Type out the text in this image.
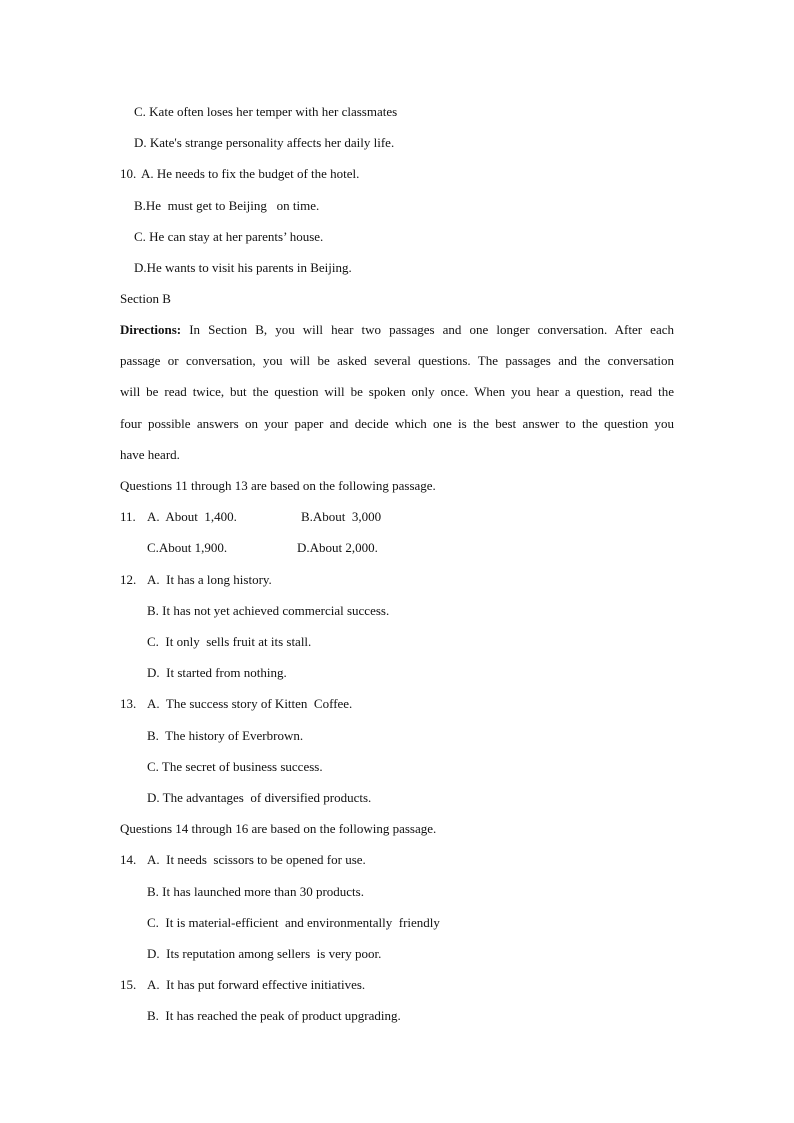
C. Kate often loses her temper with her classmates
D. Kate's strange personality affects her daily life.
10. A. He needs to fix the budget of the hotel.
B.He  must get to Beijing   on time.
C. He can stay at her parents’ house.
D.He wants to visit his parents in Beijing.
Section B
Directions: In Section B, you will hear two passages and one longer conversation. After each
passage or conversation, you will be asked several questions. The passages and the conversation
will be read twice, but the question will be spoken only once. When you hear a question, read the
four possible answers on your paper and decide which one is the best answer to the question you
have heard.
Questions 11 through 13 are based on the following passage.
11. A.  About  1,400.	B.About  3,000
C.About 1,900.	D.About 2,000.
12. A.  It has a long history.
B. It has not yet achieved commercial success.
C.  It only  sells fruit at its stall.
D.  It started from nothing.
13. A.  The success story of Kitten  Coffee.
B.  The history of Everbrown.
C. The secret of business success.
D. The advantages  of diversified products.
Questions 14 through 16 are based on the following passage.
14. A.  It needs  scissors to be opened for use.
B. It has launched more than 30 products.
C.  It is material-efficient  and environmentally  friendly
D.  Its reputation among sellers  is very poor.
15. A.  It has put forward effective initiatives.
B.  It has reached the peak of product upgrading.
